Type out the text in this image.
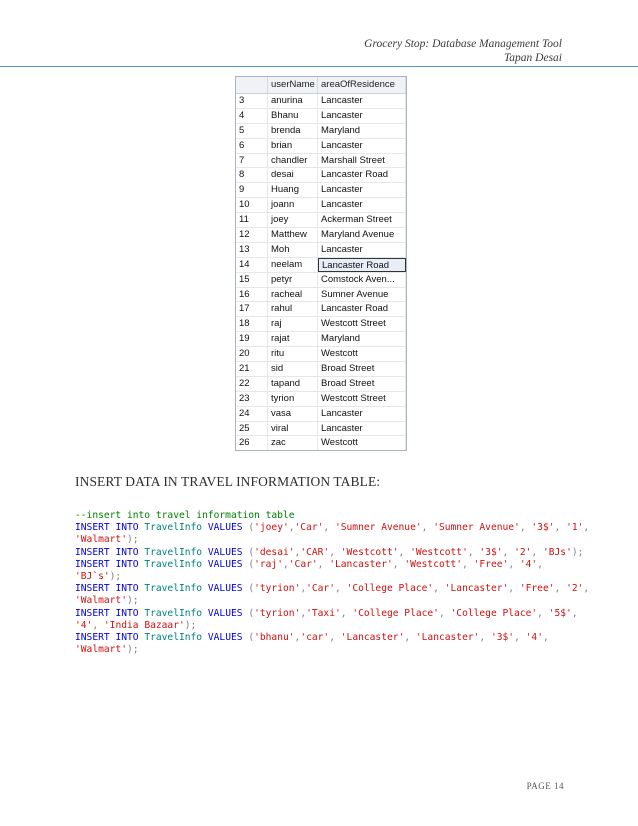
Grocery Stop: Database Management Tool
Tapan Desai
userName areaOfResidence
3	anurina	Lancaster
4	Bhanu	Lancaster
5	brenda	Maryland
6	brian	Lancaster
7	chandler	Marshall Street
8	desai	Lancaster Road
9	Huang	Lancaster
10	joann	Lancaster
11	joey	Ackerman Street
12	Matthew	Maryland Avenue
13	Moh	Lancaster
14	neelam	Lancaster Road
15	petyr	Comstock Aven...
16	racheal	Sumner Avenue
17	rahul	Lancaster Road
18	raj	Westcott Street
19	rajat	Maryland
20	ritu	Westcott
21	sid	Broad Street
22	tapand	Broad Street
23	tyrion	Westcott Street
24	vasa	Lancaster
25	viral	Lancaster
26	zac	Westcott
INSERT DATA IN TRAVEL INFORMATION TABLE:
--insert into travel information table
INSERT INTO TravelInfo VALUES ('joey','Car', 'Sumner Avenue', 'Sumner Avenue', '3$', '1',
'Walmart');
INSERT INTO TravelInfo VALUES ('desai','CAR', 'Westcott', 'Westcott', '3$', '2', 'BJs');
INSERT INTO TravelInfo VALUES ('raj','Car', 'Lancaster', 'Westcott', 'Free', '4',
'BJ`s');
INSERT INTO TravelInfo VALUES ('tyrion','Car', 'College Place', 'Lancaster', 'Free', '2',
'Walmart');
INSERT INTO TravelInfo VALUES ('tyrion','Taxi', 'College Place', 'College Place', '5$',
'4', 'India Bazaar');
INSERT INTO TravelInfo VALUES ('bhanu','car', 'Lancaster', 'Lancaster', '3$', '4',
'Walmart');

PAGE 14
